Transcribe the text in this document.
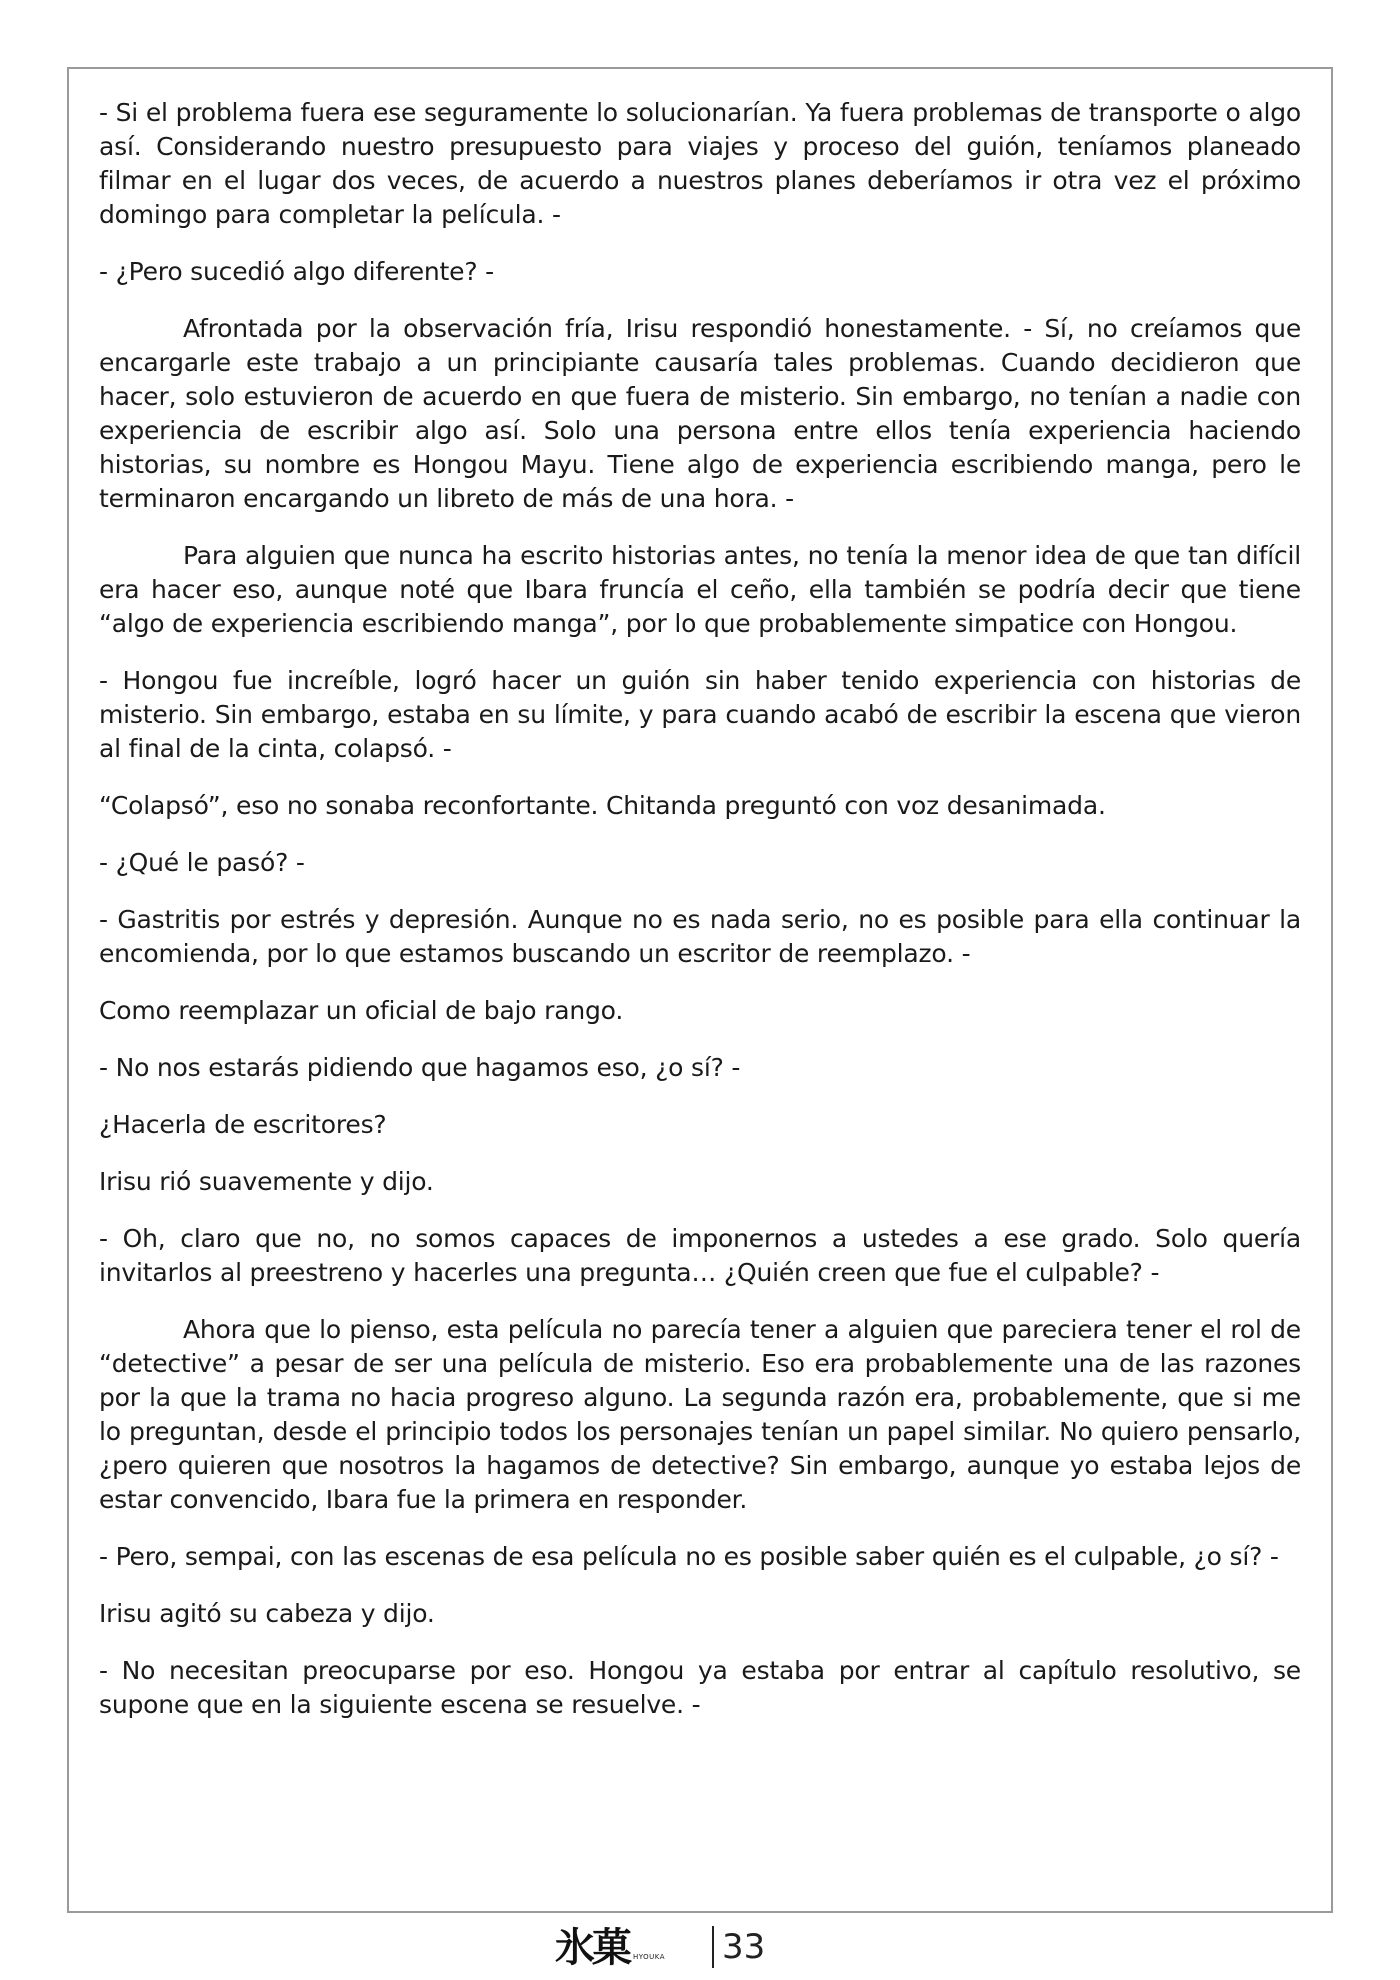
- Si el problema fuera ese seguramente lo solucionarían. Ya fuera problemas de transporte o algo así. Considerando nuestro presupuesto para viajes y proceso del guión, teníamos planeado filmar en el lugar dos veces, de acuerdo a nuestros planes deberíamos ir otra vez el próximo domingo para completar la película. -

- ¿Pero sucedió algo diferente? -

Afrontada por la observación fría, Irisu respondió honestamente. - Sí, no creíamos que encargarle este trabajo a un principiante causaría tales problemas. Cuando decidieron que hacer, solo estuvieron de acuerdo en que fuera de misterio. Sin embargo, no tenían a nadie con experiencia de escribir algo así. Solo una persona entre ellos tenía experiencia haciendo historias, su nombre es Hongou Mayu. Tiene algo de experiencia escribiendo manga, pero le terminaron encargando un libreto de más de una hora. -

Para alguien que nunca ha escrito historias antes, no tenía la menor idea de que tan difícil era hacer eso, aunque noté que Ibara fruncía el ceño, ella también se podría decir que tiene “algo de experiencia escribiendo manga”, por lo que probablemente simpatice con Hongou.

- Hongou fue increíble, logró hacer un guión sin haber tenido experiencia con historias de misterio. Sin embargo, estaba en su límite, y para cuando acabó de escribir la escena que vieron al final de la cinta, colapsó. -

“Colapsó”, eso no sonaba reconfortante. Chitanda preguntó con voz desanimada.

- ¿Qué le pasó? -

- Gastritis por estrés y depresión. Aunque no es nada serio, no es posible para ella continuar la encomienda, por lo que estamos buscando un escritor de reemplazo. -

Como reemplazar un oficial de bajo rango.

- No nos estarás pidiendo que hagamos eso, ¿o sí? -

¿Hacerla de escritores?

Irisu rió suavemente y dijo.

- Oh, claro que no, no somos capaces de imponernos a ustedes a ese grado. Solo quería invitarlos al preestreno y hacerles una pregunta… ¿Quién creen que fue el culpable? -

Ahora que lo pienso, esta película no parecía tener a alguien que pareciera tener el rol de “detective” a pesar de ser una película de misterio. Eso era probablemente una de las razones por la que la trama no hacia progreso alguno. La segunda razón era, probablemente, que si me lo preguntan, desde el principio todos los personajes tenían un papel similar. No quiero pensarlo, ¿pero quieren que nosotros la hagamos de detective? Sin embargo, aunque yo estaba lejos de estar convencido, Ibara fue la primera en responder.

- Pero, sempai, con las escenas de esa película no es posible saber quién es el culpable, ¿o sí? -

Irisu agitó su cabeza y dijo.

- No necesitan preocuparse por eso. Hongou ya estaba por entrar al capítulo resolutivo, se supone que en la siguiente escena se resuelve. -

氷菓 HYOUKA 33
